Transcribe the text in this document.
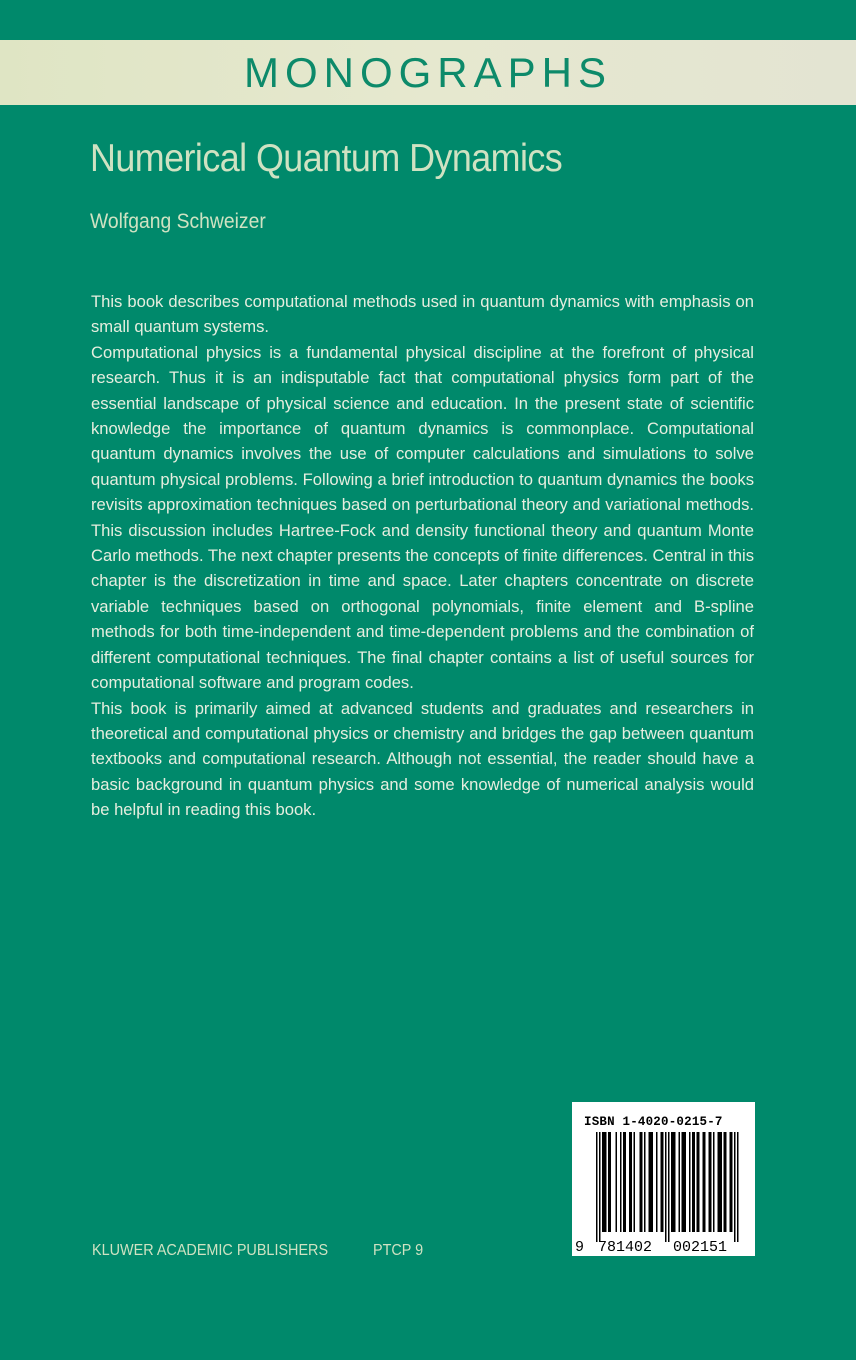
MONOGRAPHS
Numerical Quantum Dynamics
Wolfgang Schweizer

This book describes computational methods used in quantum dynamics with emphasis on small quantum systems.

Computational physics is a fundamental physical discipline at the forefront of physical research. Thus it is an indisputable fact that computational physics form part of the essential landscape of physical science and education. In the present state of scientific knowledge the importance of quantum dynamics is commonplace. Computational quantum dynamics involves the use of computer calculations and simulations to solve quantum physical problems. Following a brief introduction to quantum dynamics the books revisits approximation techniques based on perturbational theory and variational methods. This discussion includes Hartree-Fock and density functional theory and quantum Monte Carlo methods. The next chapter presents the concepts of finite differences. Central in this chapter is the discretization in time and space. Later chapters concentrate on discrete variable techniques based on orthogonal polynomials, finite element and B-spline methods for both time-independent and time-dependent problems and the combination of different computational techniques. The final chapter contains a list of useful sources for computational software and program codes.

This book is primarily aimed at advanced students and graduates and researchers in theoretical and computational physics or chemistry and bridges the gap between quantum textbooks and computational research. Although not essential, the reader should have a basic background in quantum physics and some knowledge of numerical analysis would be helpful in reading this book.

KLUWER ACADEMIC PUBLISHERS	PTCP 9
ISBN 1-4020-0215-7
9 781402 002151
